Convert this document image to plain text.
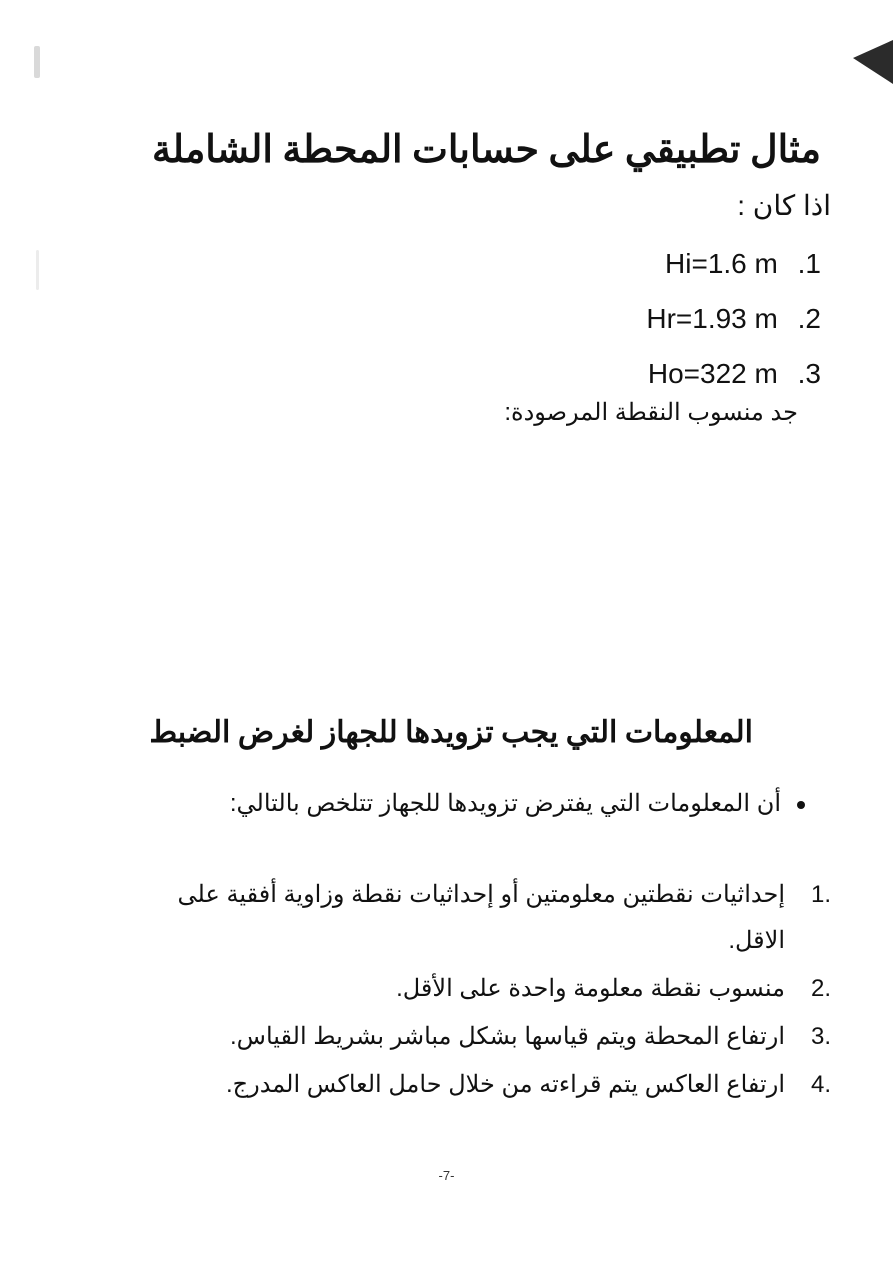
مثال تطبيقي على حسابات المحطة الشاملة
اذا كان :
Hi=1.6 m .1
Hr=1.93 m .2
Ho=322 m .3
جد منسوب النقطة المرصودة:
المعلومات التي يجب تزويدها للجهاز لغرض الضبط
أن المعلومات التي يفترض تزويدها للجهاز تتلخص بالتالي:
1.
إحداثيات نقطتين معلومتين أو إحداثيات نقطة وزاوية أفقية على الاقل.
2.
منسوب نقطة معلومة واحدة على الأقل.
3.
ارتفاع المحطة ويتم قياسها بشكل مباشر بشريط القياس.
4.
ارتفاع العاكس يتم قراءته من خلال حامل العاكس المدرج.
-7-
